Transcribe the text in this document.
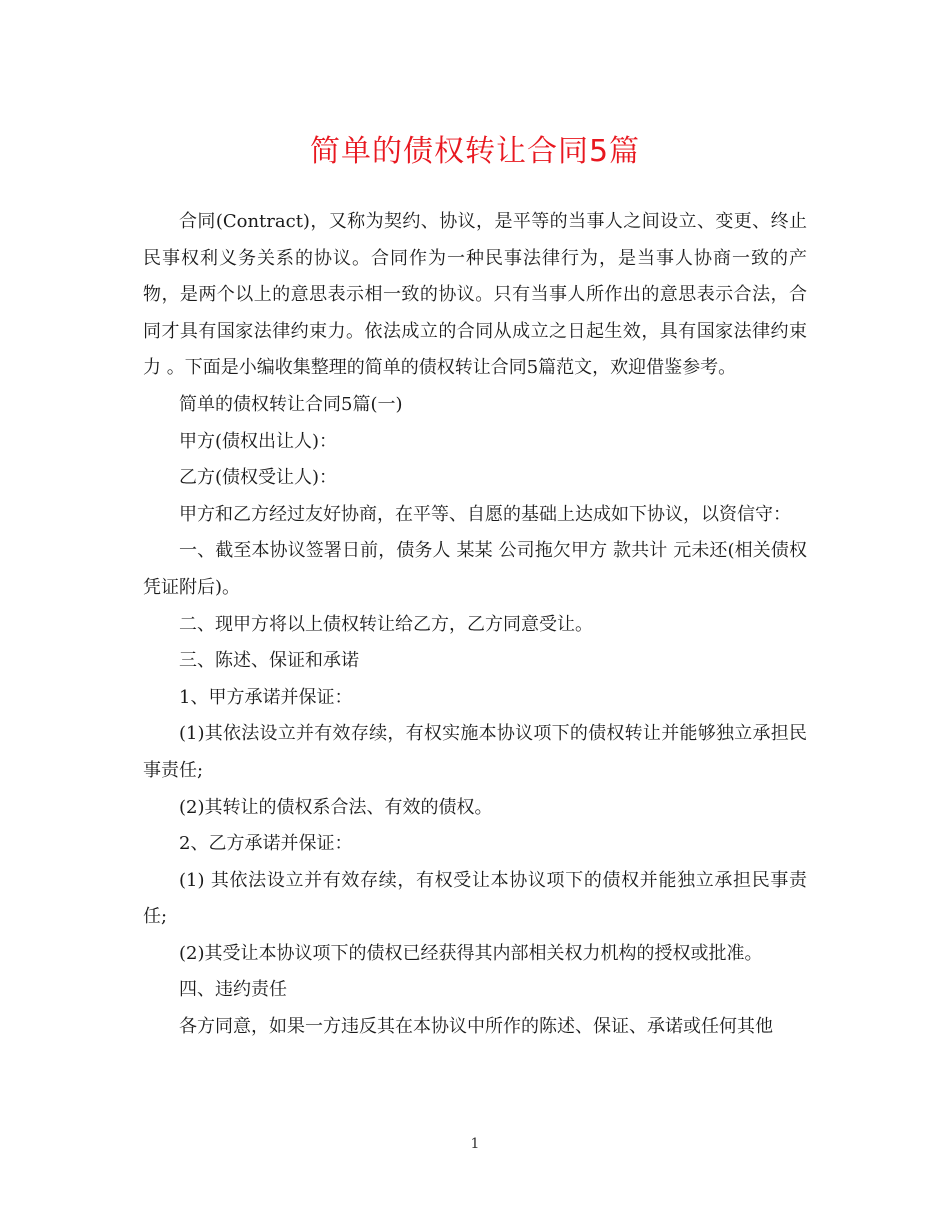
简单的债权转让合同5篇

合同(Contract)，又称为契约、协议，是平等的当事人之间设立、变更、终止民事权利义务关系的协议。合同作为一种民事法律行为，是当事人协商一致的产物，是两个以上的意思表示相一致的协议。只有当事人所作出的意思表示合法，合同才具有国家法律约束力。依法成立的合同从成立之日起生效，具有国家法律约束力 。下面是小编收集整理的简单的债权转让合同5篇范文，欢迎借鉴参考。

简单的债权转让合同5篇(一)

甲方(债权出让人)：

乙方(债权受让人)：

甲方和乙方经过友好协商，在平等、自愿的基础上达成如下协议，以资信守：

一、截至本协议签署日前，债务人 某某 公司拖欠甲方 款共计 元未还(相关债权凭证附后)。

二、现甲方将以上债权转让给乙方，乙方同意受让。

三、陈述、保证和承诺

1、甲方承诺并保证：

(1)其依法设立并有效存续，有权实施本协议项下的债权转让并能够独立承担民事责任;

(2)其转让的债权系合法、有效的债权。

2、乙方承诺并保证：

(1) 其依法设立并有效存续，有权受让本协议项下的债权并能独立承担民事责任;

(2)其受让本协议项下的债权已经获得其内部相关权力机构的授权或批准。

四、违约责任

各方同意，如果一方违反其在本协议中所作的陈述、保证、承诺或任何其他

1
